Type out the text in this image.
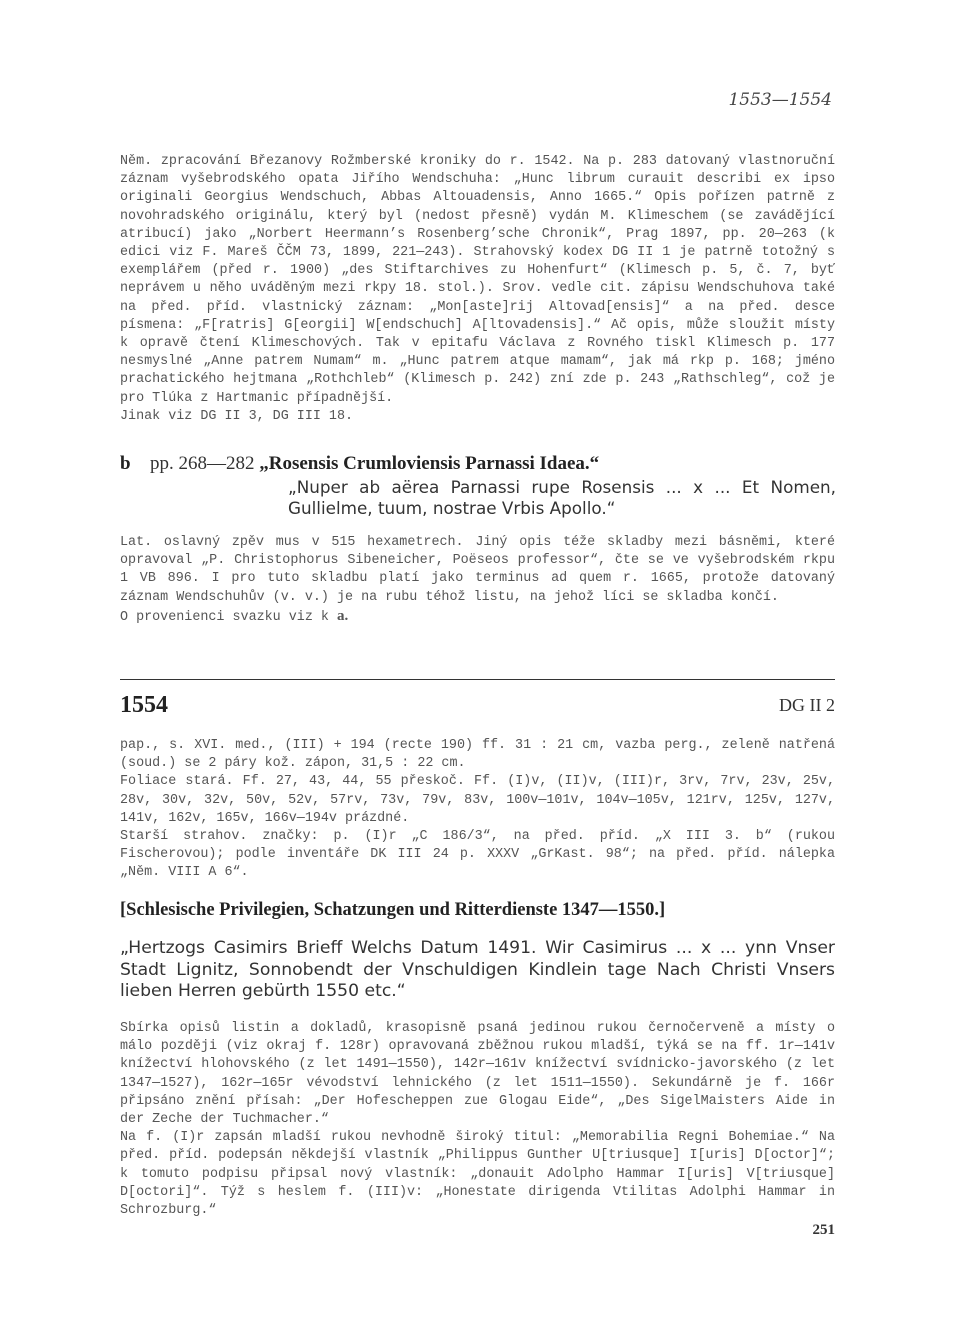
1553—1554

Něm. zpracování Březanovy Rožmberské kroniky do r. 1542. Na p. 283 datovaný vlastnoruční záznam vyšebrodského opata Jiřího Wendschuha: „Hunc librum curauit describi ex ipso originali Georgius Wendschuch, Abbas Altouadensis, Anno 1665.“ Opis pořízen patrně z novohradského originálu, který byl (nedost přesně) vydán M. Klimeschem (se zavádějící atribucí) jako „Norbert Heermann’s Rosenberg’sche Chronik“, Prag 1897, pp. 20—263 (k edici viz F. Mareš ČČM 73, 1899, 221—243). Strahovský kodex DG II 1 je patrně totožný s exemplářem (před r. 1900) „des Stiftarchives zu Hohenfurt“ (Klimesch p. 5, č. 7, byť neprávem u něho uváděným mezi rkpy 18. stol.). Srov. vedle cit. zápisu Wendschuhova také na před. příd. vlastnický záznam: „Mon[aste]rij Altovad[ensis]“ a na před. desce písmena: „F[ratris] G[eorgii] W[endschuch] A[ltovadensis].“ Ač opis, může sloužit místy k opravě čtení Klimeschových. Tak v epitafu Václava z Rovného tiskl Klimesch p. 177 nesmyslné „Anne patrem Numam“ m. „Hunc patrem atque mamam“, jak má rkp p. 168; jméno prachatického hejtmana „Rothchleb“ (Klimesch p. 242) zní zde p. 243 „Rathschleg“, což je pro Tlúka z Hartmanic případnější.

Jinak viz DG II 3, DG III 18.

b pp. 268—282 „Rosensis Crumloviensis Parnassi Idaea.“

„Nuper ab aërea Parnassi rupe Rosensis ... x ... Et Nomen, Gullielme, tuum, nostrae Vrbis Apollo.“

Lat. oslavný zpěv mus v 515 hexametrech. Jiný opis téže skladby mezi básněmi, které opravoval „P. Christophorus Sibeneicher, Poëseos professor“, čte se ve vyšebrodském rkpu 1 VB 896. I pro tuto skladbu platí jako terminus ad quem r. 1665, protože datovaný záznam Wendschuhův (v. v.) je na rubu téhož listu, na jehož líci se skladba končí.

O provenienci svazku viz k a.

1554	DG II 2

pap., s. XVI. med., (III) + 194 (recte 190) ff. 31 : 21 cm, vazba perg., zeleně natřená (soud.) se 2 páry kož. zápon, 31,5 : 22 cm.

Foliace stará. Ff. 27, 43, 44, 55 přeskoč. Ff. (I)v, (II)v, (III)r, 3rv, 7rv, 23v, 25v, 28v, 30v, 32v, 50v, 52v, 57rv, 73v, 79v, 83v, 100v—101v, 104v—105v, 121rv, 125v, 127v, 141v, 162v, 165v, 166v—194v prázdné.

Starší strahov. značky: p. (I)r „C 186/3“, na před. příd. „X III 3. b“ (rukou Fischerovou); podle inventáře DK III 24 p. XXXV „GrKast. 98“; na před. příd. nálepka „Něm. VIII A 6“.

[Schlesische Privilegien, Schatzungen und Ritterdienste 1347—1550.]

„Hertzogs Casimirs Brieff Welchs Datum 1491. Wir Casimirus ... x ... ynn Vnser Stadt Lignitz, Sonnobendt der Vnschuldigen Kindlein tage Nach Christi Vnsers lieben Herren gebürth 1550 etc.“

Sbírka opisů listin a dokladů, krasopisně psaná jedinou rukou černočerveně a místy o málo později (viz okraj f. 128r) opravovaná zběžnou rukou mladší, týká se na ff. 1r—141v knížectví hlohovského (z let 1491—1550), 142r—161v knížectví svídnicko-javorského (z let 1347—1527), 162r—165r vévodství lehnického (z let 1511—1550). Sekundárně je f. 166r připsáno znění přísah: „Der Hofescheppen zue Glogau Eide“, „Des SigelMaisters Aide in der Zeche der Tuchmacher.“

Na f. (I)r zapsán mladší rukou nevhodně široký titul: „Memorabilia Regni Bohemiae.“ Na před. příd. podepsán někdejší vlastník „Philippus Gunther U[triusque] I[uris] D[octor]“; k tomuto podpisu připsal nový vlastník: „donauit Adolpho Hammar I[uris] V[triusque] D[octori]“. Týž s heslem f. (III)v: „Honestate dirigenda Vtilitas Adolphi Hammar in Schrozburg.“

251
